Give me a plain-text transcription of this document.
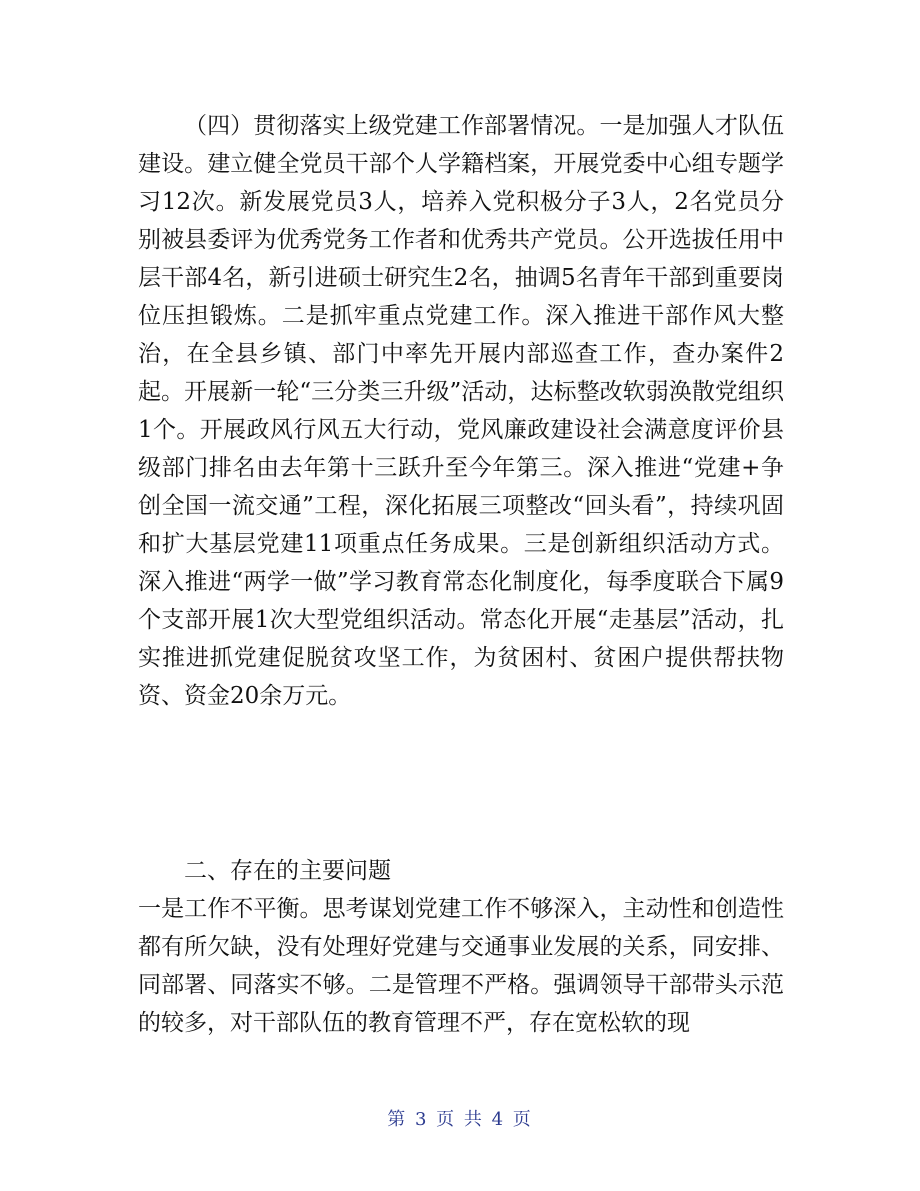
（四）贯彻落实上级党建工作部署情况。一是加强人才队伍建设。建立健全党员干部个人学籍档案，开展党委中心组专题学习12次。新发展党员3人，培养入党积极分子3人，2名党员分别被县委评为优秀党务工作者和优秀共产党员。公开选拔任用中层干部4名，新引进硕士研究生2名，抽调5名青年干部到重要岗位压担锻炼。二是抓牢重点党建工作。深入推进干部作风大整治，在全县乡镇、部门中率先开展内部巡查工作，查办案件2起。开展新一轮“三分类三升级”活动，达标整改软弱涣散党组织1个。开展政风行风五大行动，党风廉政建设社会满意度评价县级部门排名由去年第十三跃升至今年第三。深入推进“党建+争创全国一流交通”工程，深化拓展三项整改“回头看”，持续巩固和扩大基层党建11项重点任务成果。三是创新组织活动方式。深入推进“两学一做”学习教育常态化制度化，每季度联合下属9个支部开展1次大型党组织活动。常态化开展“走基层”活动，扎实推进抓党建促脱贫攻坚工作，为贫困村、贫困户提供帮扶物资、资金20余万元。
二、存在的主要问题
一是工作不平衡。思考谋划党建工作不够深入，主动性和创造性都有所欠缺，没有处理好党建与交通事业发展的关系，同安排、同部署、同落实不够。二是管理不严格。强调领导干部带头示范的较多，对干部队伍的教育管理不严，存在宽松软的现
第 3 页 共 4 页
